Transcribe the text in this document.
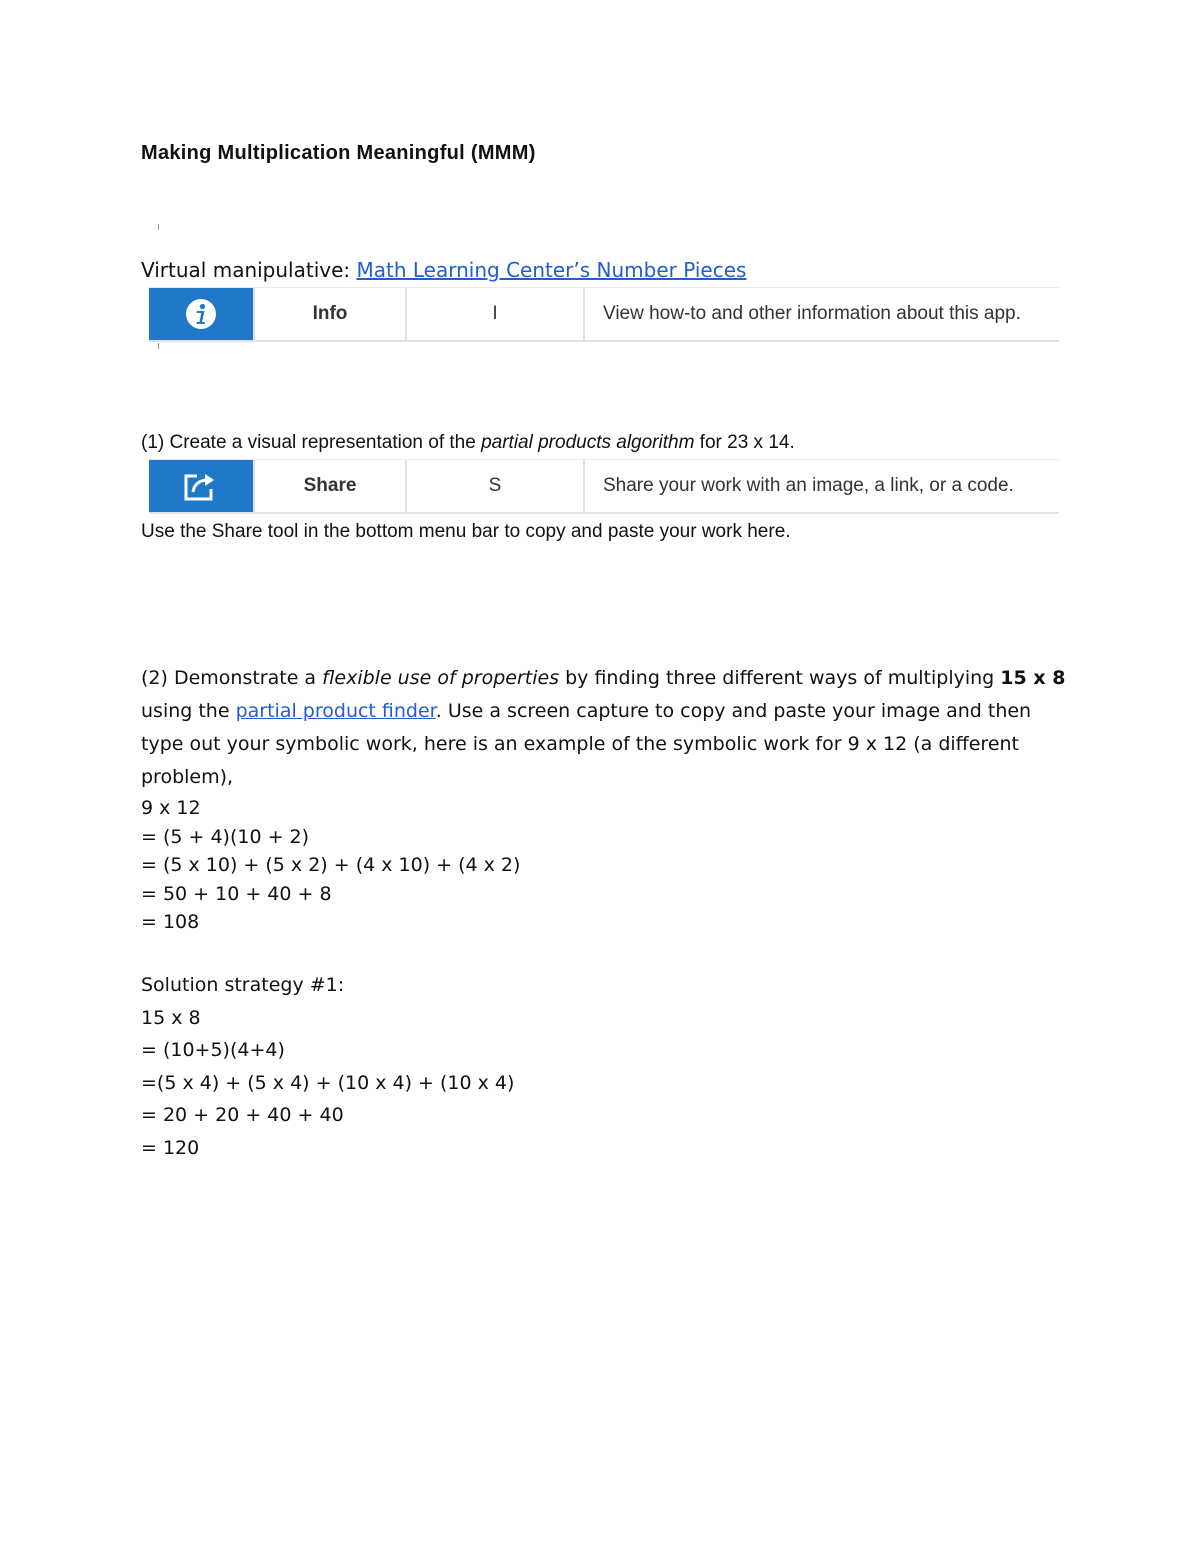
Making Multiplication Meaningful (MMM)
Virtual manipulative: Math Learning Center’s Number Pieces
Info	I	View how-to and other information about this app.
(1) Create a visual representation of the partial products algorithm for 23 x 14.
Share	S	Share your work with an image, a link, or a code.
Use the Share tool in the bottom menu bar to copy and paste your work here.
(2) Demonstrate a flexible use of properties by finding three different ways of multiplying 15 x 8 using the partial product finder. Use a screen capture to copy and paste your image and then type out your symbolic work, here is an example of the symbolic work for 9 x 12 (a different problem),
9 x 12
= (5 + 4)(10 + 2)
= (5 x 10) + (5 x 2) + (4 x 10) + (4 x 2)
= 50 + 10 + 40 + 8
= 108
Solution strategy #1:
15 x 8
= (10+5)(4+4)
=(5 x 4) + (5 x 4) + (10 x 4) + (10 x 4)
= 20 + 20 + 40 + 40
= 120
